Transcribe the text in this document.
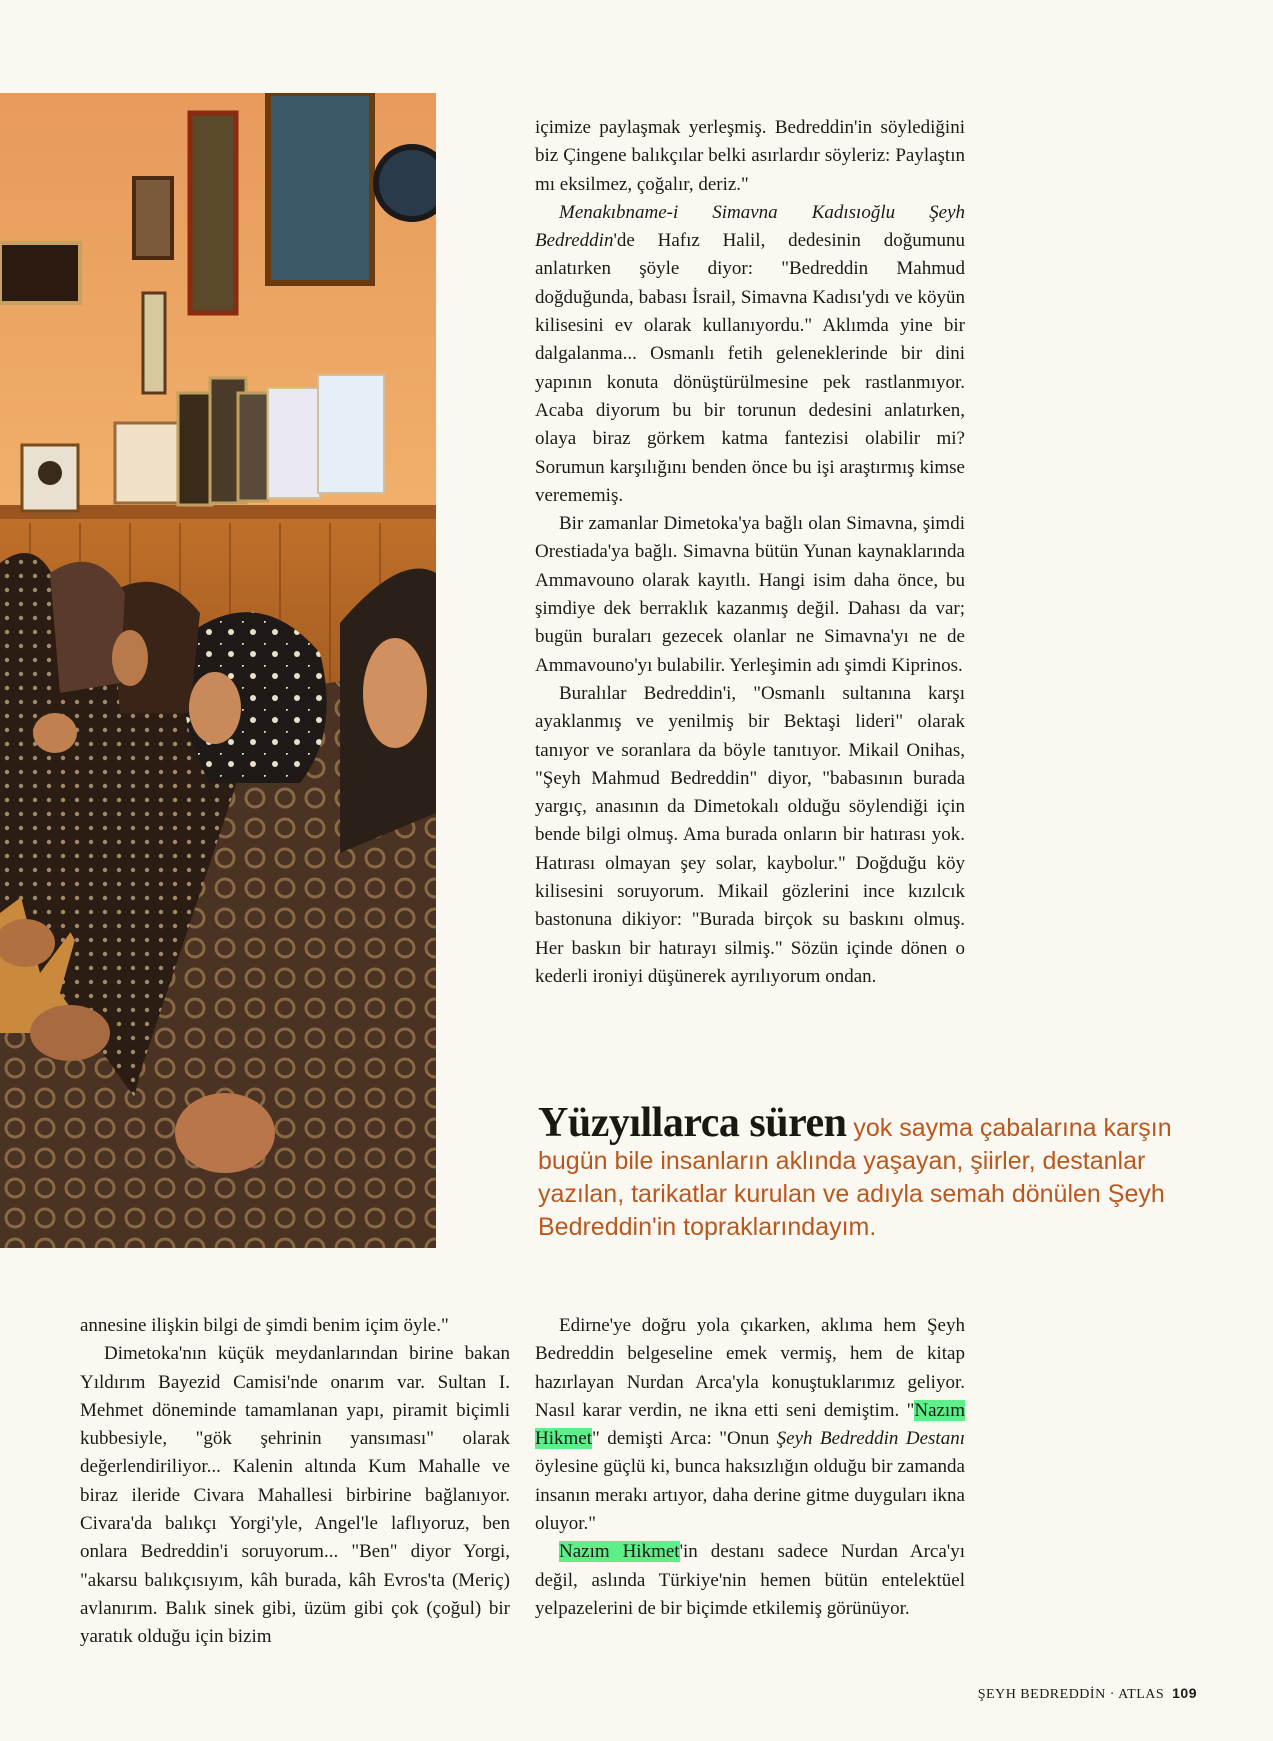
içimize paylaşmak yerleşmiş. Bedreddin'in söylediğini biz Çingene balıkçılar belki asırlardır söyleriz: Paylaştın mı eksilmez, çoğalır, deriz."

Menakıbname-i Simavna Kadısıoğlu Şeyh Bedreddin'de Hafız Halil, dedesinin doğumunu anlatırken şöyle diyor: "Bedreddin Mahmud doğduğunda, babası İsrail, Simavna Kadısı'ydı ve köyün kilisesini ev olarak kullanıyordu." Aklımda yine bir dalgalanma... Osmanlı fetih geleneklerinde bir dini yapının konuta dönüştürülmesine pek rastlanmıyor. Acaba diyorum bu bir torunun dedesini anlatırken, olaya biraz görkem katma fantezisi olabilir mi? Sorumun karşılığını benden önce bu işi araştırmış kimse verememiş.

Bir zamanlar Dimetoka'ya bağlı olan Simavna, şimdi Orestiada'ya bağlı. Simavna bütün Yunan kaynaklarında Ammavouno olarak kayıtlı. Hangi isim daha önce, bu şimdiye dek berraklık kazanmış değil. Dahası da var; bugün buraları gezecek olanlar ne Simavna'yı ne de Ammavouno'yı bulabilir. Yerleşimin adı şimdi Kiprinos.

Buralılar Bedreddin'i, "Osmanlı sultanına karşı ayaklanmış ve yenilmiş bir Bektaşi lideri" olarak tanıyor ve soranlara da böyle tanıtıyor. Mikail Onihas, "Şeyh Mahmud Bedreddin" diyor, "babasının burada yargıç, anasının da Dimetokalı olduğu söylendiği için bende bilgi olmuş. Ama burada onların bir hatırası yok. Hatırası olmayan şey solar, kaybolur." Doğduğu köy kilisesini soruyorum. Mikail gözlerini ince kızılcık bastonuna dikiyor: "Burada birçok su baskını olmuş. Her baskın bir hatırayı silmiş." Sözün içinde dönen o kederli ironiyi düşünerek ayrılıyorum ondan.

Yüzyıllarca süren yok sayma çabalarına karşın bugün bile insanların aklında yaşayan, şiirler, destanlar yazılan, tarikatlar kurulan ve adıyla semah dönülen Şeyh Bedreddin'in topraklarındayım.

annesine ilişkin bilgi de şimdi benim içim öyle."

Dimetoka'nın küçük meydanlarından birine bakan Yıldırım Bayezid Camisi'nde onarım var. Sultan I. Mehmet döneminde tamamlanan yapı, piramit biçimli kubbesiyle, "gök şehrinin yansıması" olarak değerlendiriliyor... Kalenin altında Kum Mahalle ve biraz ileride Civara Mahallesi birbirine bağlanıyor. Civara'da balıkçı Yorgi'yle, Angel'le laflıyoruz, ben onlara Bedreddin'i soruyorum... "Ben" diyor Yorgi, "akarsu balıkçısıyım, kâh burada, kâh Evros'ta (Meriç) avlanırım. Balık sinek gibi, üzüm gibi çok (çoğul) bir yaratık olduğu için bizim

Edirne'ye doğru yola çıkarken, aklıma hem Şeyh Bedreddin belgeseline emek vermiş, hem de kitap hazırlayan Nurdan Arca'yla konuştuklarımız geliyor. Nasıl karar verdin, ne ikna etti seni demiştim. "Nazım Hikmet" demişti Arca: "Onun Şeyh Bedreddin Destanı öylesine güçlü ki, bunca haksızlığın olduğu bir zamanda insanın merakı artıyor, daha derine gitme duyguları ikna oluyor."

Nazım Hikmet'in destanı sadece Nurdan Arca'yı değil, aslında Türkiye'nin hemen bütün entelektüel yelpazelerini de bir biçimde etkilemiş görünüyor.

ŞEYH BEDREDDİN · ATLAS 109
